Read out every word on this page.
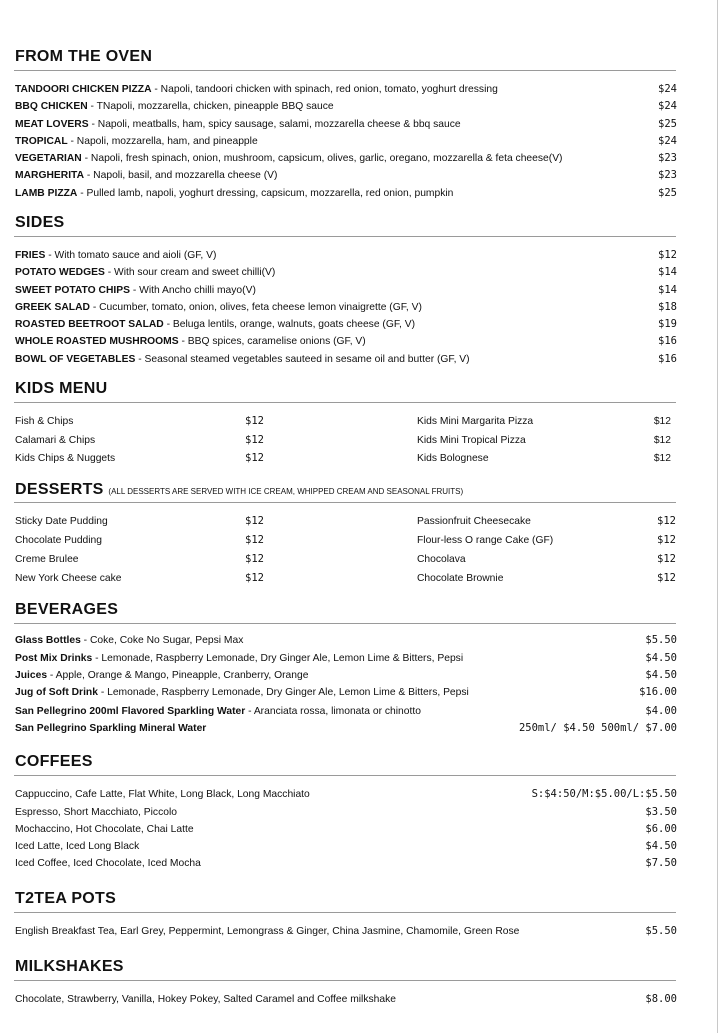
FROM THE OVEN
TANDOORI CHICKEN PIZZA - Napoli, tandoori chicken with spinach, red onion, tomato, yoghurt dressing	$24
BBQ CHICKEN - TNapoli, mozzarella, chicken, pineapple BBQ sauce	$24
MEAT LOVERS - Napoli, meatballs, ham, spicy sausage, salami, mozzarella cheese & bbq sauce	$25
TROPICAL - Napoli, mozzarella, ham, and pineapple	$24
VEGETARIAN - Napoli, fresh spinach, onion, mushroom, capsicum, olives, garlic, oregano, mozzarella & feta cheese(V)	$23
MARGHERITA - Napoli, basil, and mozzarella cheese (V)	$23
LAMB PIZZA - Pulled lamb, napoli, yoghurt dressing, capsicum, mozzarella, red onion, pumpkin	$25
SIDES
FRIES - With tomato sauce and aioli (GF, V)	$12
POTATO WEDGES - With sour cream and sweet chilli(V)	$14
SWEET POTATO CHIPS - With Ancho chilli mayo(V)	$14
GREEK SALAD - Cucumber, tomato, onion, olives, feta cheese lemon vinaigrette (GF, V)	$18
ROASTED BEETROOT SALAD - Beluga lentils, orange, walnuts, goats cheese (GF, V)	$19
WHOLE ROASTED MUSHROOMS - BBQ spices, caramelise onions (GF, V)	$16
BOWL OF VEGETABLES - Seasonal steamed vegetables sauteed in sesame oil and butter (GF, V)	$16
KIDS MENU
Fish & Chips	$12	Kids Mini Margarita Pizza	$12
Calamari & Chips	$12	Kids Mini Tropical Pizza	$12
Kids Chips & Nuggets	$12	Kids Bolognese	$12
DESSERTS (ALL DESSERTS ARE SERVED WITH ICE CREAM, WHIPPED CREAM AND SEASONAL FRUITS)
Sticky Date Pudding	$12	Passionfruit Cheesecake	$12
Chocolate Pudding	$12	Flour-less O range Cake (GF)	$12
Creme Brulee	$12	Chocolava	$12
New York Cheese cake	$12	Chocolate Brownie	$12
BEVERAGES
Glass Bottles - Coke, Coke No Sugar, Pepsi Max	$5.50
Post Mix Drinks - Lemonade, Raspberry Lemonade, Dry Ginger Ale, Lemon Lime & Bitters, Pepsi	$4.50
Juices - Apple, Orange & Mango, Pineapple, Cranberry, Orange	$4.50
Jug of Soft Drink - Lemonade, Raspberry Lemonade, Dry Ginger Ale, Lemon Lime & Bitters, Pepsi	$16.00
San Pellegrino 200ml Flavored Sparkling Water - Aranciata rossa, limonata or chinotto	$4.00
San Pellegrino Sparkling Mineral Water	250ml/ $4.50 500ml/ $7.00
COFFEES
Cappuccino, Cafe Latte, Flat White, Long Black, Long Macchiato	S:$4:50/M:$5.00/L:$5.50
Espresso, Short Macchiato, Piccolo	$3.50
Mochaccino, Hot Chocolate, Chai Latte	$6.00
Iced Latte, Iced Long Black	$4.50
Iced Coffee, Iced Chocolate, Iced Mocha	$7.50
T2TEA POTS
English Breakfast Tea, Earl Grey, Peppermint, Lemongrass & Ginger, China Jasmine, Chamomile, Green Rose	$5.50
MILKSHAKES
Chocolate, Strawberry, Vanilla, Hokey Pokey, Salted Caramel and Coffee milkshake	$8.00
